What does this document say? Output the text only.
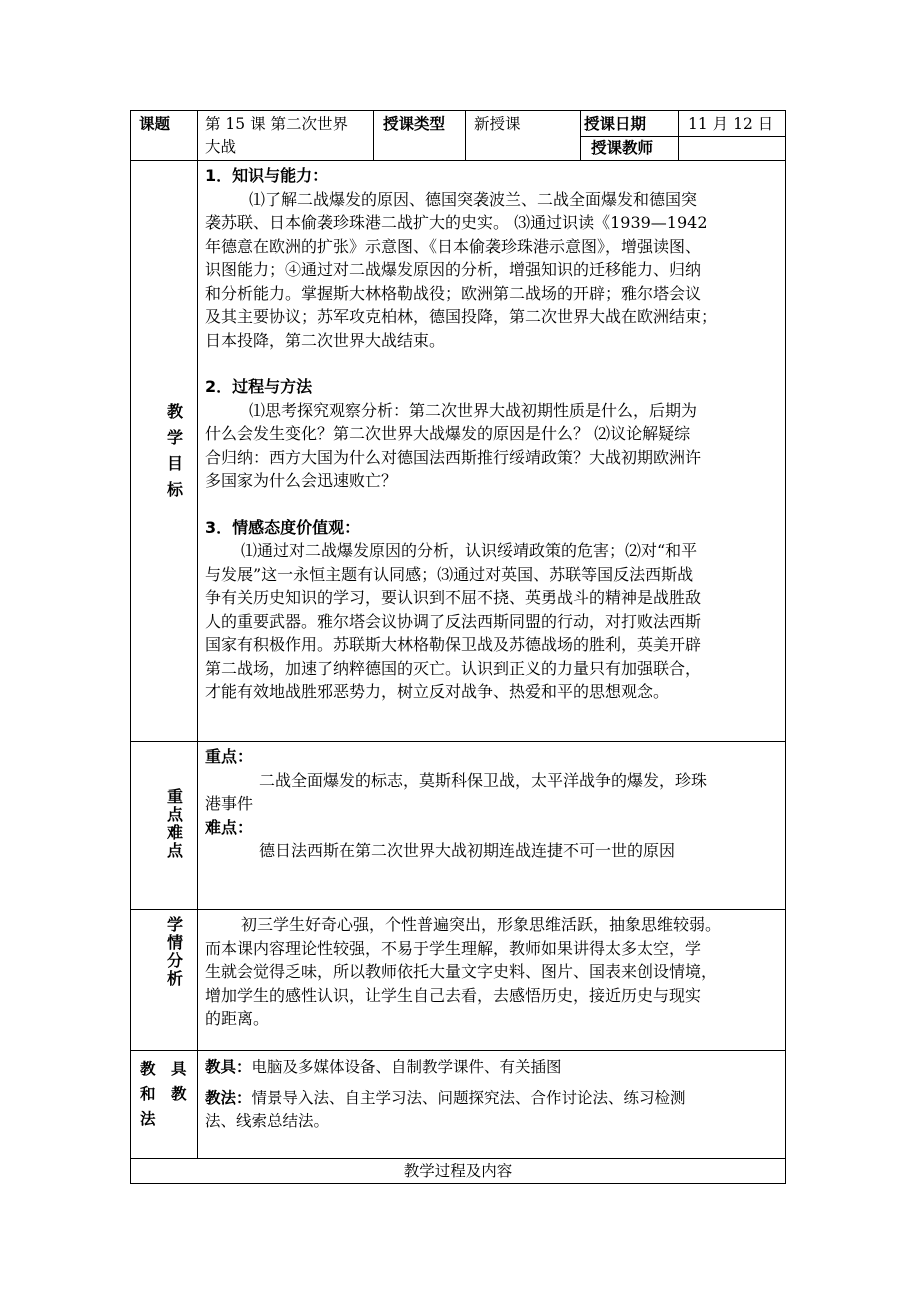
课题 第 15 课 第二次世界
大战
授课类型 新授课	授课日期	11 月 12 日
授课教师
教
学
目
标

1．知识与能力：

⑴了解二战爆发的原因、德国突袭波兰、二战全面爆发和德国突

袭苏联、日本偷袭珍珠港二战扩大的史实。 ⑶通过识读《1939—1942

年德意在欧洲的扩张》示意图、《日本偷袭珍珠港示意图》，增强读图、

识图能力；④通过对二战爆发原因的分析，增强知识的迁移能力、归纳

和分析能力。掌握斯大林格勒战役；欧洲第二战场的开辟；雅尔塔会议

及其主要协议；苏军攻克柏林，德国投降，第二次世界大战在欧洲结束；

日本投降，第二次世界大战结束。

2．过程与方法

⑴思考探究观察分析：第二次世界大战初期性质是什么，后期为

什么会发生变化？第二次世界大战爆发的原因是什么？ ⑵议论解疑综

合归纳：西方大国为什么对德国法西斯推行绥靖政策？大战初期欧洲许

多国家为什么会迅速败亡？

3．情感态度价值观：

⑴通过对二战爆发原因的分析，认识绥靖政策的危害；⑵对“和平

与发展”这一永恒主题有认同感；⑶通过对英国、苏联等国反法西斯战

争有关历史知识的学习，要认识到不屈不挠、英勇战斗的精神是战胜敌

人的重要武器。雅尔塔会议协调了反法西斯同盟的行动，对打败法西斯

国家有积极作用。苏联斯大林格勒保卫战及苏德战场的胜利，英美开辟

第二战场，加速了纳粹德国的灭亡。认识到正义的力量只有加强联合，

才能有效地战胜邪恶势力，树立反对战争、热爱和平的思想观念。

重
点
难
点

重点：

二战全面爆发的标志，莫斯科保卫战，太平洋战争的爆发，珍珠

港事件

难点：

德日法西斯在第二次世界大战初期连战连捷不可一世的原因

学
情
分
析

初三学生好奇心强，个性普遍突出，形象思维活跃，抽象思维较弱。

而本课内容理论性较强，不易于学生理解，教师如果讲得太多太空，学

生就会觉得乏味，所以教师依托大量文字史料、图片、国表来创设情境，

增加学生的感性认识，让学生自己去看，去感悟历史，接近历史与现实

的距离。

教　具
和　教
法
教具：电脑及多媒体设备、自制教学课件、有关插图
教法：情景导入法、自主学习法、问题探究法、合作讨论法、练习检测
法、线索总结法。
教学过程及内容
